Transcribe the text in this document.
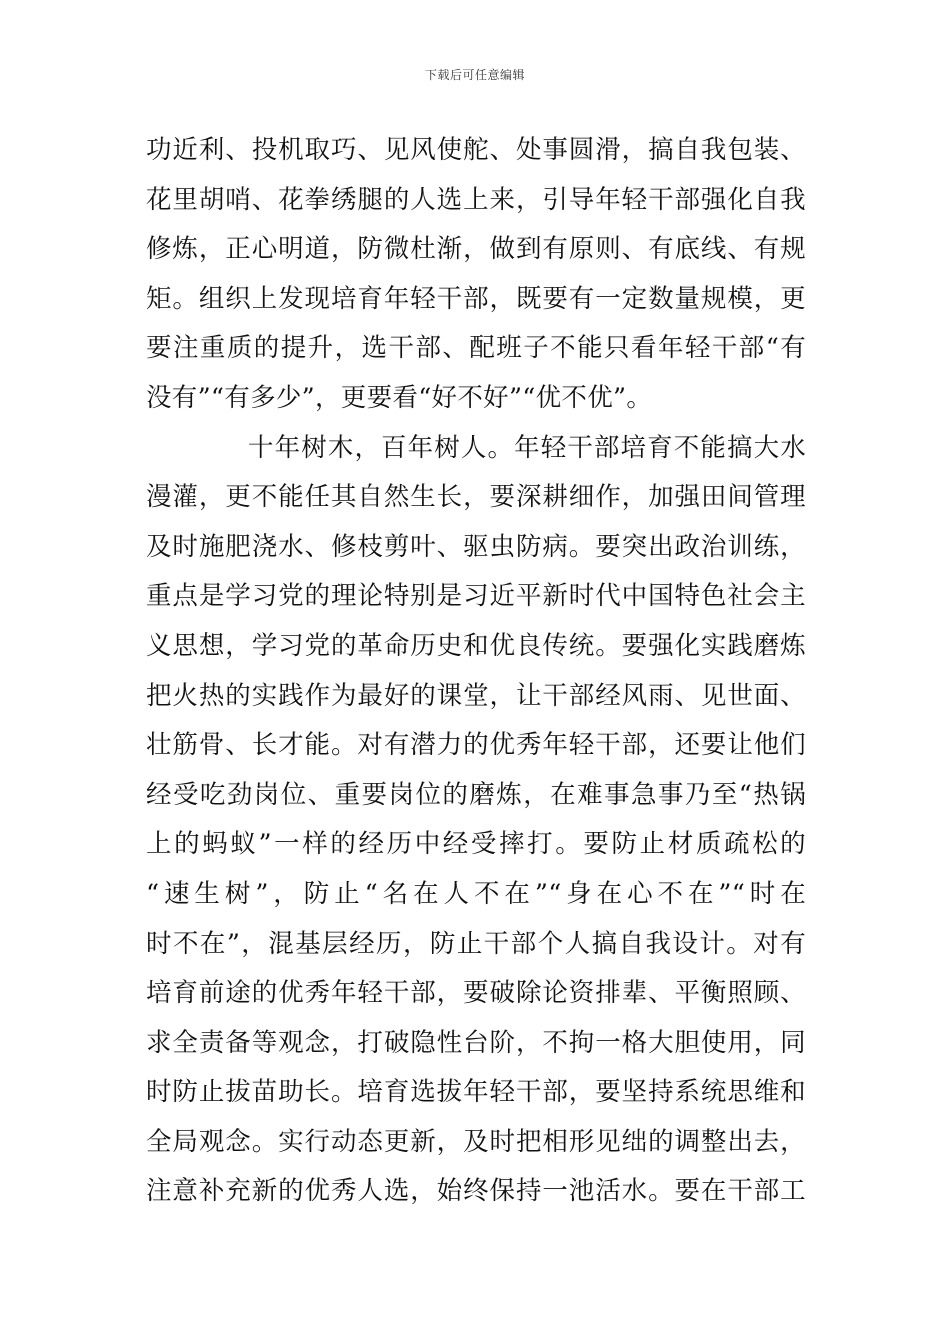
下载后可任意编辑
功近利、投机取巧、见风使舵、处事圆滑，搞自我包装、
花里胡哨、花拳绣腿的人选上来，引导年轻干部强化自我
修炼，正心明道，防微杜渐，做到有原则、有底线、有规
矩。组织上发现培育年轻干部，既要有一定数量规模，更
要注重质的提升，选干部、配班子不能只看年轻干部“有
没有”“有多少”，更要看“好不好”“优不优”。
十年树木，百年树人。年轻干部培育不能搞大水
漫灌，更不能任其自然生长，要深耕细作，加强田间管理
及时施肥浇水、修枝剪叶、驱虫防病。要突出政治训练，
重点是学习党的理论特别是习近平新时代中国特色社会主
义思想，学习党的革命历史和优良传统。要强化实践磨炼
把火热的实践作为最好的课堂，让干部经风雨、见世面、
壮筋骨、长才能。对有潜力的优秀年轻干部，还要让他们
经受吃劲岗位、重要岗位的磨炼，在难事急事乃至“热锅
上的蚂蚁”一样的经历中经受摔打。要防止材质疏松的
“速生树”，防止“名在人不在”“身在心不在”“时在
时不在”，混基层经历，防止干部个人搞自我设计。对有
培育前途的优秀年轻干部，要破除论资排辈、平衡照顾、
求全责备等观念，打破隐性台阶，不拘一格大胆使用，同
时防止拔苗助长。培育选拔年轻干部，要坚持系统思维和
全局观念。实行动态更新，及时把相形见绌的调整出去，
注意补充新的优秀人选，始终保持一池活水。要在干部工
